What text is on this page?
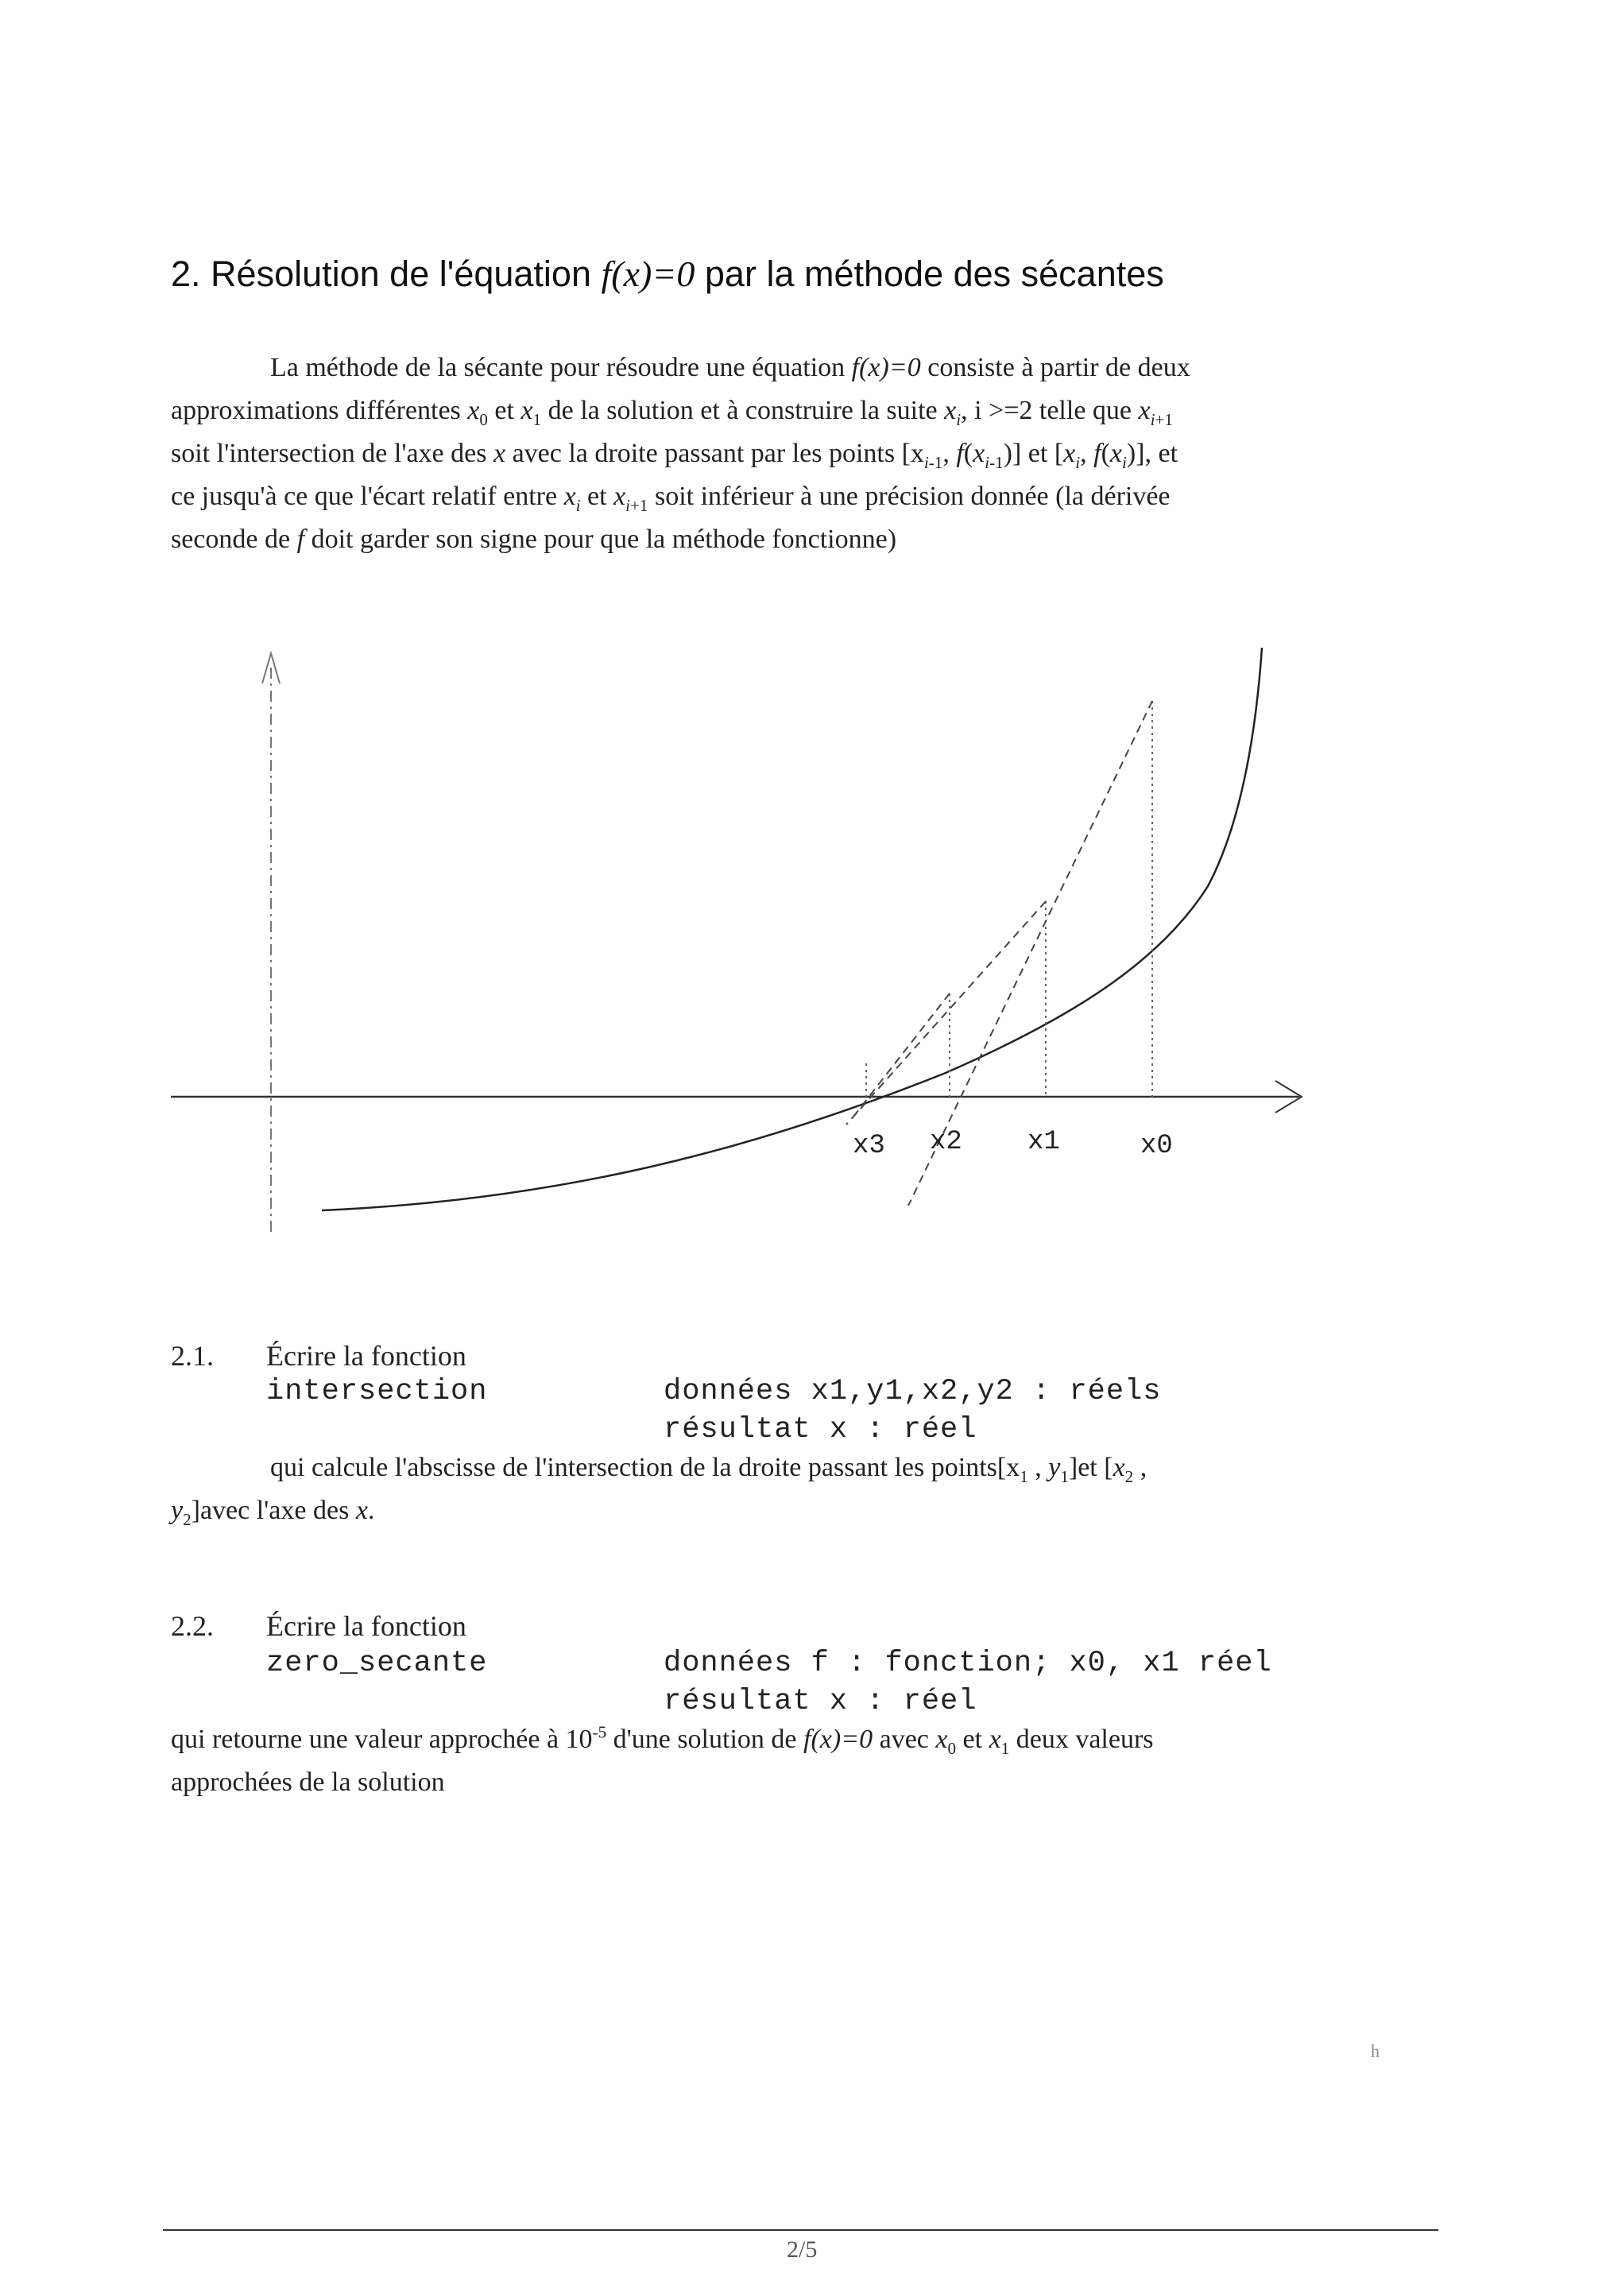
2. Résolution de l'équation f(x)=0 par la méthode des sécantes
La méthode de la sécante pour résoudre une équation f(x)=0 consiste à partir de deux
approximations différentes $x_0$ et $x_1$ de la solution et à construire la suite $x_i$, i >=2 telle que $x_{i+1}$
soit l'intersection de l'axe des x avec la droite passant par les points [$x_{i-1}$, $f(x_{i-1})$] et [$x_i$, $f(x_i)$], et
ce jusqu'à ce que l'écart relatif entre $x_i$ et $x_{i+1}$ soit inférieur à une précision donnée (la dérivée
seconde de f doit garder son signe pour que la méthode fonctionne)
x3 x2 x1	x0
2.1. Écrire la fonction
intersection	données x1,y1,x2,y2 : réels
résultat x : réel
qui calcule l'abscisse de l'intersection de la droite passant les $points[x_1$ , $y_1]et$ [$x_2$ ,
$y_2]avec$ l'axe des x.
2.2. Écrire la fonction
zero_secante	données f : fonction; x0, x1 réel
résultat x : réel
qui retourne une valeur approchée à $10^{-5}$ d'une solution de f(x)=0 avec $x_0$ et $x_1$ deux valeurs
approchées de la solution
h
2/5
